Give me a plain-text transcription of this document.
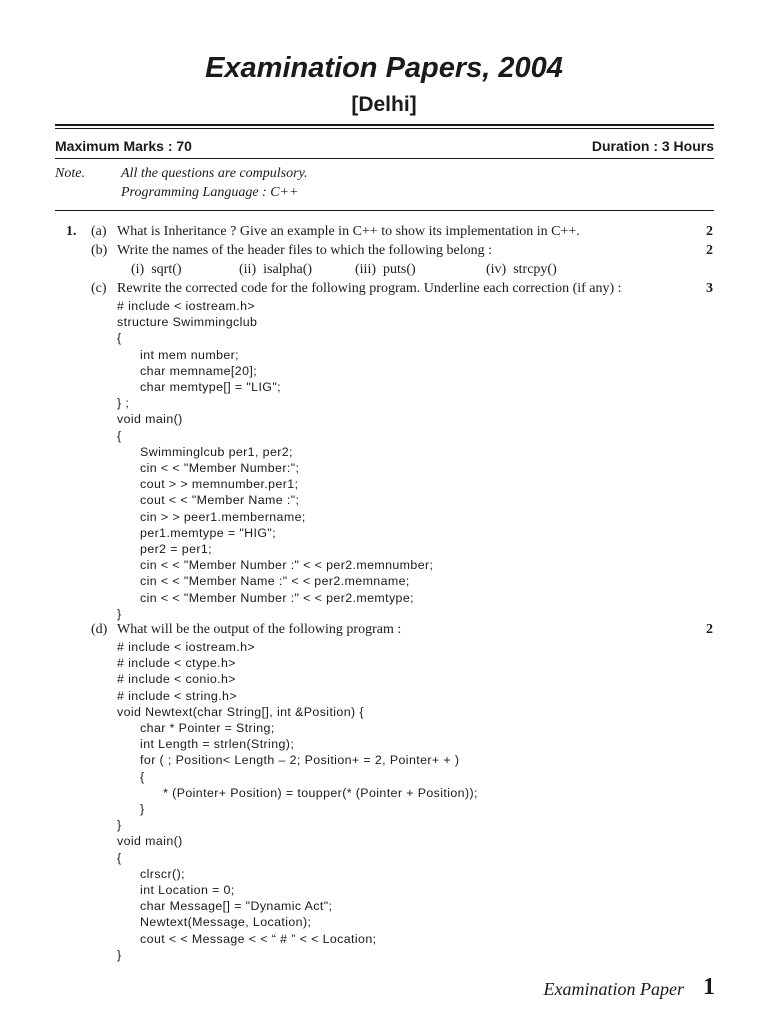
Examination Papers, 2004
[Delhi]
Maximum Marks : 70	Duration : 3 Hours
Note.	All the questions are compulsory.
Programming Language : C++
1. (a) What is Inheritance ? Give an example in C++ to show its implementation in C++.	2
(b) Write the names of the header files to which the following belong :	2
(i)  sqrt()	(ii)  isalpha()	(iii)  puts()	(iv)  strcpy()
(c) Rewrite the corrected code for the following program. Underline each correction (if any) :	3
# include < iostream.h>
structure Swimmingclub
{
int mem number;
char memname[20];
char memtype[] = "LIG";
} ;
void main()
{
Swimminglcub per1, per2;
cin < < "Member Number:";
cout > > memnumber.per1;
cout < < "Member Name :";
cin > > peer1.membername;
per1.memtype = "HIG";
per2 = per1;
cin < < "Member Number :" < < per2.memnumber;
cin < < "Member Name :" < < per2.memname;
cin < < "Member Number :" < < per2.memtype;
}
(d) What will be the output of the following program :	2
# include < iostream.h>
# include < ctype.h>
# include < conio.h>
# include < string.h>
void Newtext(char String[], int &Position) {
char * Pointer = String;
int Length = strlen(String);
for ( ; Position< Length – 2; Position+ = 2, Pointer+ + )
{
* (Pointer+ Position) = toupper(* (Pointer + Position));
}
}
void main()
{
clrscr();
int Location = 0;
char Message[] = "Dynamic Act";
Newtext(Message, Location);
cout < < Message < < “ # ” < < Location;
}
Examination Paper 1
